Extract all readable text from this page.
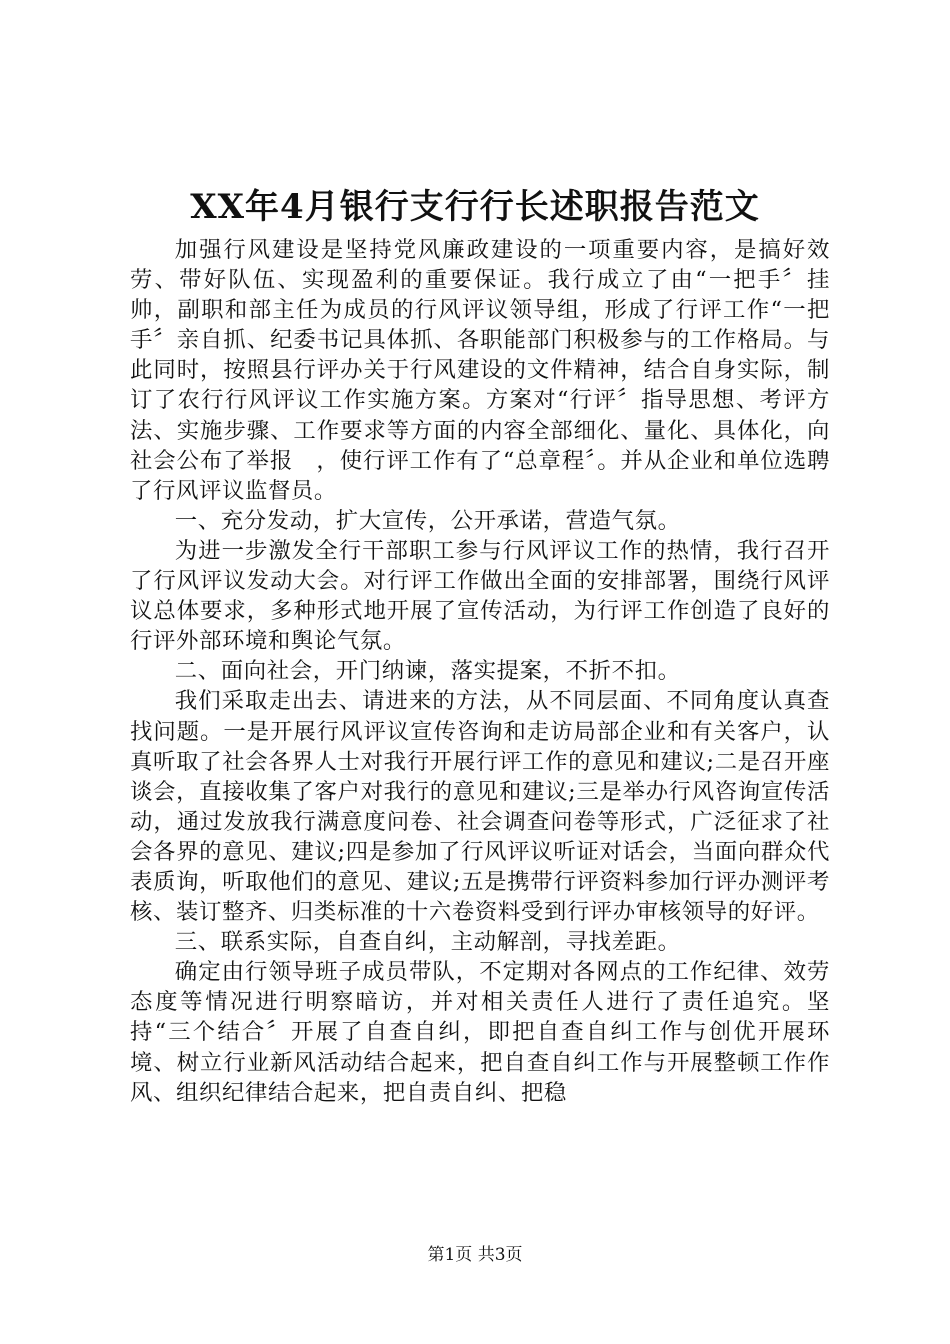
XX年4月银行支行行长述职报告范文

加强行风建设是坚持党风廉政建设的一项重要内容，是搞好效劳、带好队伍、实现盈利的重要保证。我行成立了由“一把手〞挂帅，副职和部主任为成员的行风评议领导组，形成了行评工作“一把手〞亲自抓、纪委书记具体抓、各职能部门积极参与的工作格局。与此同时，按照县行评办关于行风建设的文件精神，结合自身实际，制订了农行行风评议工作实施方案。方案对“行评〞指导思想、考评方法、实施步骤、工作要求等方面的内容全部细化、量化、具体化，向社会公布了举报　，使行评工作有了“总章程〞。并从企业和单位选聘了行风评议监督员。

一、充分发动，扩大宣传，公开承诺，营造气氛。

为进一步激发全行干部职工参与行风评议工作的热情，我行召开了行风评议发动大会。对行评工作做出全面的安排部署，围绕行风评议总体要求，多种形式地开展了宣传活动，为行评工作创造了良好的行评外部环境和舆论气氛。

二、面向社会，开门纳谏，落实提案，不折不扣。

我们采取走出去、请进来的方法，从不同层面、不同角度认真查找问题。一是开展行风评议宣传咨询和走访局部企业和有关客户，认真听取了社会各界人士对我行开展行评工作的意见和建议;二是召开座谈会，直接收集了客户对我行的意见和建议;三是举办行风咨询宣传活动，通过发放我行满意度问卷、社会调查问卷等形式，广泛征求了社会各界的意见、建议;四是参加了行风评议听证对话会，当面向群众代表质询，听取他们的意见、建议;五是携带行评资料参加行评办测评考核、装订整齐、归类标准的十六卷资料受到行评办审核领导的好评。

三、联系实际，自查自纠，主动解剖，寻找差距。

确定由行领导班子成员带队，不定期对各网点的工作纪律、效劳态度等情况进行明察暗访，并对相关责任人进行了责任追究。坚持“三个结合〞开展了自查自纠，即把自查自纠工作与创优开展环境、树立行业新风活动结合起来，把自查自纠工作与开展整顿工作作风、组织纪律结合起来，把自责自纠、把稳

第1页 共3页
